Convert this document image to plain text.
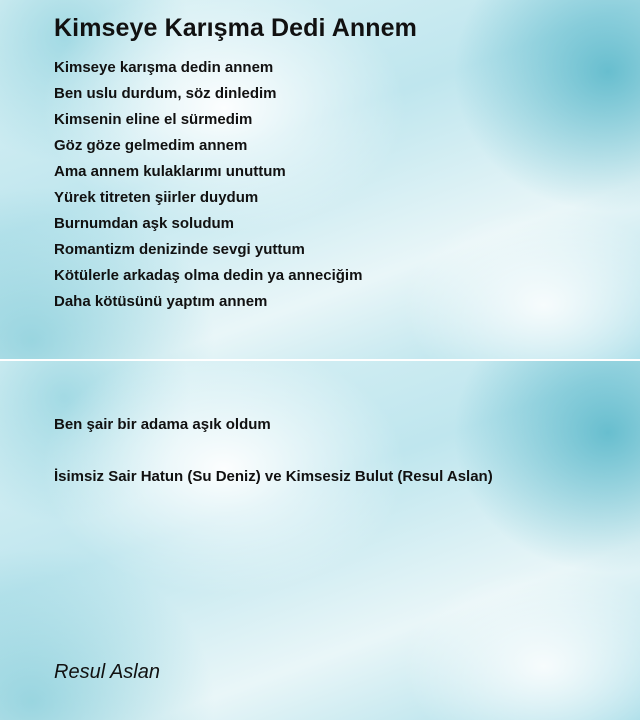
Kimseye Karışma Dedi Annem
Kimseye karışma dedin annem
Ben uslu durdum, söz dinledim
Kimsenin eline el sürmedim
Göz göze gelmedim annem
Ama annem kulaklarımı unuttum
Yürek titreten şiirler duydum
Burnumdan aşk soludum
Romantizm denizinde sevgi yuttum
Kötülerle arkadaş olma dedin ya anneciğim
Daha kötüsünü yaptım annem
Ben şair bir adama aşık oldum
İsimsiz Sair Hatun (Su Deniz) ve Kimsesiz Bulut (Resul Aslan)
Resul Aslan
